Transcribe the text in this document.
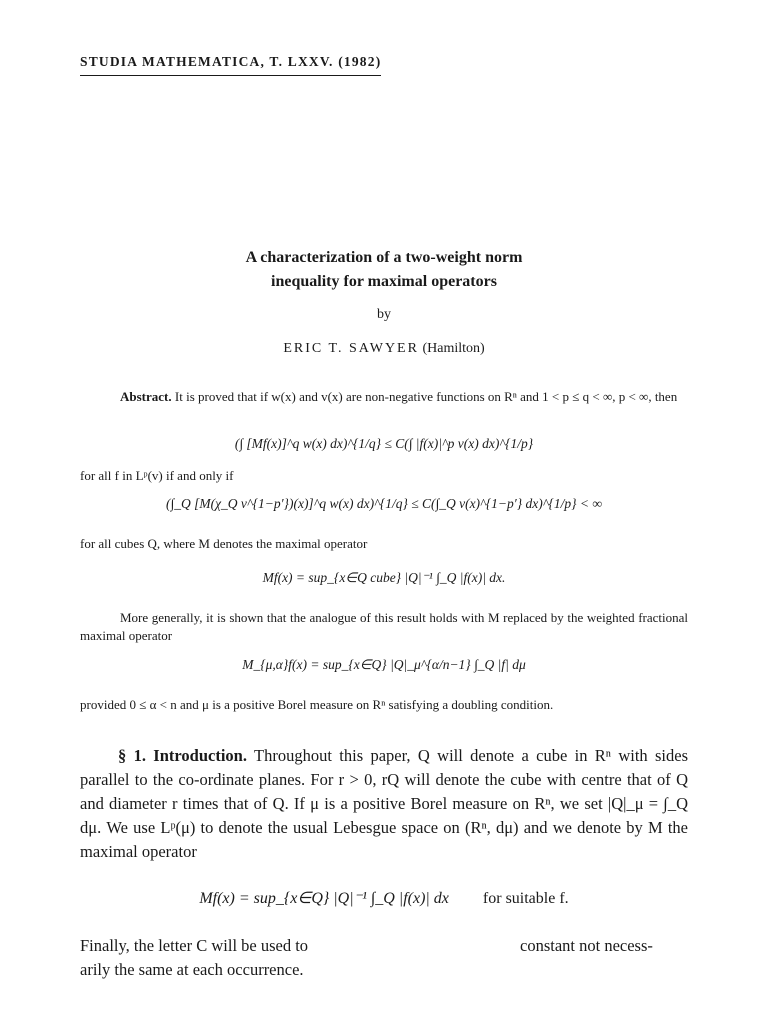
STUDIA MATHEMATICA, T. LXXV. (1982)
A characterization of a two-weight norm
inequality for maximal operators
by
ERIC T. SAWYER (Hamilton)
Abstract. It is proved that if w(x) and v(x) are non-negative functions on Rⁿ and 1 < p ≤ q < ∞, p < ∞, then
(∫ [Mf(x)]^q w(x) dx)^{1/q} ≤ C(∫ |f(x)|^p v(x) dx)^{1/p}
for all f in Lᵖ(v) if and only if
(∫_Q [M(χ_Q v^{1−p′})(x)]^q w(x) dx)^{1/q} ≤ C(∫_Q v(x)^{1−p′} dx)^{1/p} < ∞
for all cubes Q, where M denotes the maximal operator
Mf(x) = sup_{x∈Q cube} |Q|⁻¹ ∫_Q |f(x)| dx.
More generally, it is shown that the analogue of this result holds with M replaced by the weighted fractional maximal operator
M_{μ,α}f(x) = sup_{x∈Q} |Q|_μ^{α/n−1} ∫_Q |f| dμ
provided 0 ≤ α < n and μ is a positive Borel measure on Rⁿ satisfying a doubling condition.
§ 1. Introduction. Throughout this paper, Q will denote a cube in Rⁿ with sides parallel to the co-ordinate planes. For r > 0, rQ will denote the cube with centre that of Q and diameter r times that of Q. If μ is a positive Borel measure on Rⁿ, we set |Q|_μ = ∫_Q dμ. We use Lᵖ(μ) to denote the usual Lebesgue space on (Rⁿ, dμ) and we denote by M the maximal operator
Mf(x) = sup_{x∈Q} |Q|⁻¹ ∫_Q |f(x)| dx for suitable f.
Finally, the letter C will be used to	constant not necess-
arily the same at each occurrence.
